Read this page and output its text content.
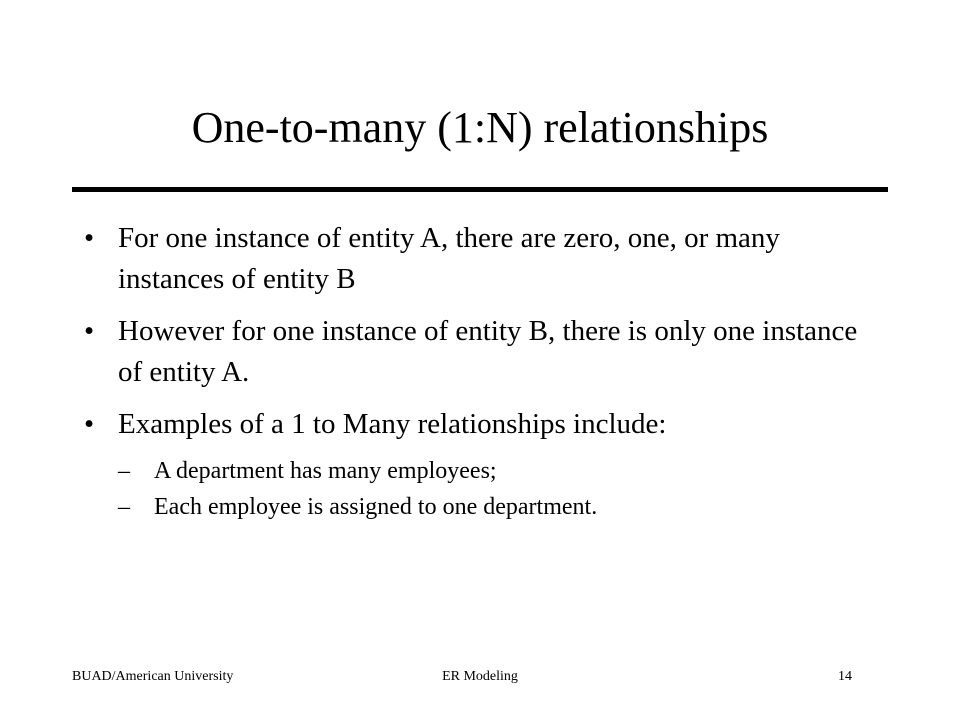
One-to-many (1:N) relationships
• For one instance of entity A, there are zero, one, or many instances of entity B
• However for one instance of entity B, there is only one instance of entity A.
• Examples of a 1 to Many relationships include:
– A department has many employees;
– Each employee is assigned to one department.
BUAD/American University	ER Modeling	14
